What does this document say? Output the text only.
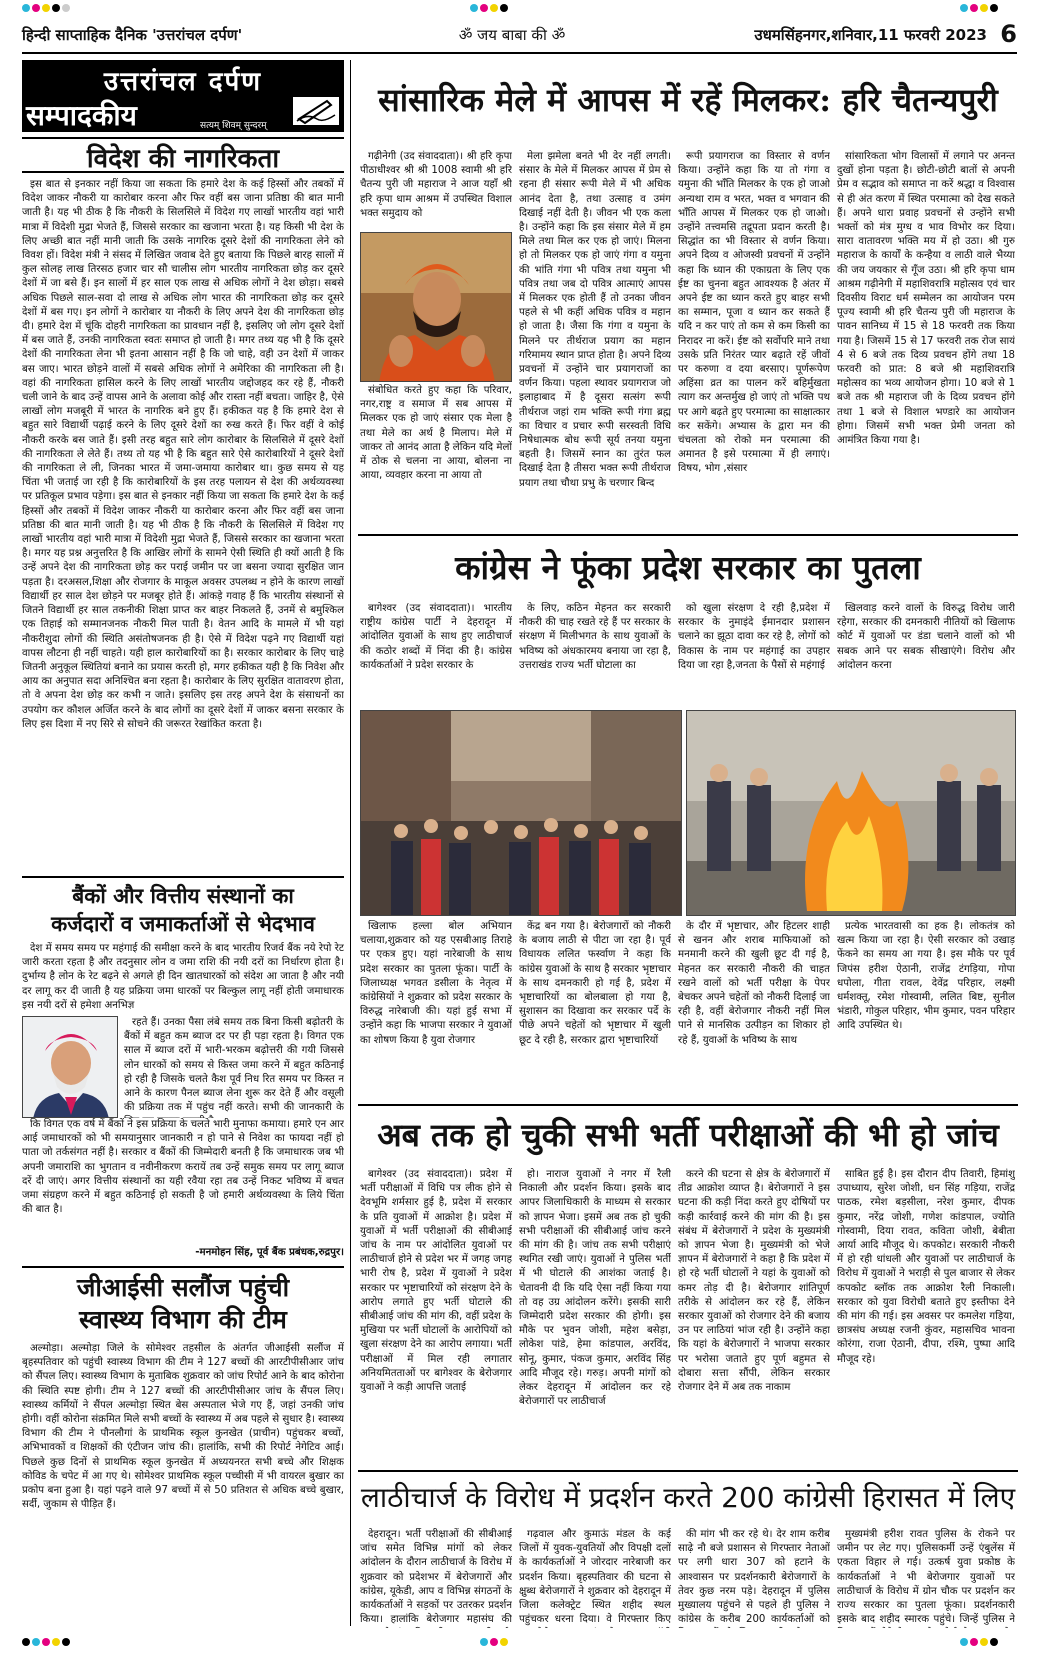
हिन्दी साप्ताहिक दैनिक 'उत्तरांचल दर्पण'	ॐ जय बाबा की ॐ	उधमसिंहनगर,शनिवार,11 फरवरी 2023 6
उत्तरांचल दर्पण
सम्पादकीय	सत्यम् शिवम् सुन्दरम्
विदेश की नागरिकता

इस बात से इनकार नहीं किया जा सकता कि हमारे देश के कई हिस्सों और तबकों में विदेश जाकर नौकरी या कारोबार करना और फिर वहीं बस जाना प्रतिष्ठा की बात मानी जाती है। यह भी ठीक है कि नौकरी के सिलसिले में विदेश गए लाखों भारतीय वहां भारी मात्रा में विदेशी मुद्रा भेजते हैं, जिससे सरकार का खजाना भरता है। यह किसी भी देश के लिए अच्छी बात नहीं मानी जाती कि उसके नागरिक दूसरे देशों की नागरिकता लेने को विवश हों। विदेश मंत्री ने संसद में लिखित जवाब देते हुए बताया कि पिछले बारह सालों में कुल सोलह लाख तिरसठ हजार चार सौ चालीस लोग भारतीय नागरिकता छोड़ कर दूसरे देशों में जा बसे हैं। इन सालों में हर साल एक लाख से अधिक लोगों ने देश छोड़ा। सबसे अधिक पिछले साल-सवा दो लाख से अधिक लोग भारत की नागरिकता छोड़ कर दूसरे देशों में बस गए। इन लोगों ने कारोबार या नौकरी के लिए अपने देश की नागरिकता छोड़ दी। हमारे देश में चूंकि दोहरी नागरिकता का प्रावधान नहीं है, इसलिए जो लोग दूसरे देशों में बस जाते हैं, उनकी नागरिकता स्वतः समाप्त हो जाती है। मगर तथ्य यह भी है कि दूसरे देशों की नागरिकता लेना भी इतना आसान नहीं है कि जो चाहे, वही उन देशों में जाकर बस जाए। भारत छोड़ने वालों में सबसे अधिक लोगों ने अमेरिका की नागरिकता ली है। वहां की नागरिकता हासिल करने के लिए लाखों भारतीय जद्दोजहद कर रहे हैं, नौकरी चली जाने के बाद उन्हें वापस आने के अलावा कोई और रास्ता नहीं बचता। जाहिर है, ऐसे लाखों लोग मजबूरी में भारत के नागरिक बने हुए हैं। हकीकत यह है कि हमारे देश से बहुत सारे विद्यार्थी पढ़ाई करने के लिए दूसरे देशों का रुख करते हैं। फिर वहीं वे कोई नौकरी करके बस जाते हैं। इसी तरह बहुत सारे लोग कारोबार के सिलसिले में दूसरे देशों की नागरिकता ले लेते हैं। तथ्य तो यह भी है कि बहुत सारे ऐसे कारोबारियों ने दूसरे देशों की नागरिकता ले ली, जिनका भारत में जमा-जमाया कारोबार था। कुछ समय से यह चिंता भी जताई जा रही है कि कारोबारियों के इस तरह पलायन से देश की अर्थव्यवस्था पर प्रतिकूल प्रभाव पड़ेगा। इस बात से इनकार नहीं किया जा सकता कि हमारे देश के कई हिस्सों और तबकों में विदेश जाकर नौकरी या कारोबार करना और फिर वहीं बस जाना प्रतिष्ठा की बात मानी जाती है। यह भी ठीक है कि नौकरी के सिलसिले में विदेश गए लाखों भारतीय वहां भारी मात्रा में विदेशी मुद्रा भेजते हैं, जिससे सरकार का खजाना भरता है। मगर यह प्रश्न अनुत्तरित है कि आखिर लोगों के सामने ऐसी स्थिति ही क्यों आती है कि उन्हें अपने देश की नागरिकता छोड़ कर पराई जमीन पर जा बसना ज्यादा सुरक्षित जान पड़ता है। दरअसल,शिक्षा और रोजगार के माकूल अवसर उपलब्ध न होने के कारण लाखों विद्यार्थी हर साल देश छोड़ने पर मजबूर होते हैं। आंकड़े गवाह हैं कि भारतीय संस्थानों से जितने विद्यार्थी हर साल तकनीकी शिक्षा प्राप्त कर बाहर निकलते हैं, उनमें से बमुश्किल एक तिहाई को सम्मानजनक नौकरी मिल पाती है। वेतन आदि के मामले में भी यहां नौकरीशुदा लोगों की स्थिति असंतोषजनक ही है। ऐसे में विदेश पढ़ने गए विद्यार्थी यहां वापस लौटना ही नहीं चाहते। यही हाल कारोबारियों का है। सरकार कारोबार के लिए चाहे जितनी अनुकूल स्थितियां बनाने का प्रयास करती हो, मगर हकीकत यही है कि निवेश और आय का अनुपात सदा अनिश्चित बना रहता है। कारोबार के लिए सुरक्षित वातावरण होता, तो वे अपना देश छोड़ कर कभी न जाते। इसलिए इस तरह अपने देश के संसाधनों का उपयोग कर कौशल अर्जित करने के बाद लोगों का दूसरे देशों में जाकर बसना सरकार के लिए इस दिशा में नए सिरे से सोचने की जरूरत रेखांकित करता है।

बैंकों और वित्तीय संस्थानों का
कर्जदारों व जमाकर्ताओं से भेदभाव

देश में समय समय पर महंगाई की समीक्षा करने के बाद भारतीय रिजर्व बैंक नये रेपो रेट जारी करता रहता है और तदनुसार लोन व जमा राशि की नयी दरों का निर्धारण होता है। दुर्भाग्य है लोन के रेट बढ़ने से अगले ही दिन खातधारकों को संदेश आ जाता है और नयी दर लागू कर दी जाती है यह प्रक्रिया जमा धारकों पर बिल्कुल लागू नहीं होती जमाधारक इस नयी दरों से हमेशा अनभिज्ञ

रहते हैं। उनका पैसा लंबे समय तक बिना किसी बढ़ोतरी के बैंकों में बहुत कम ब्याज दर पर ही पड़ा रहता है। विगत एक साल में ब्याज दरों में भारी-भरकम बढ़ोत्तरी की गयी जिससे लोन धारकों को समय से किस्त जमा करने में बहुत कठिनाई हो रही है जिसके चलते कैश पूर्व निध रित समय पर किस्त न आने के कारण पैनल ब्याज लेना शुरू कर देते हैं और वसूली की प्रक्रिया तक में पहुंच नहीं करते। सभी की जानकारी के

कि विगत एक वर्ष में बैंकों ने इस प्रक्रिया के चलते भारी मुनाफा कमाया। हमारे एन आर आई जमाधारकों को भी समयानुसार जानकारी न हो पाने से निवेश का फायदा नहीं हो पाता जो तर्कसंगत नहीं है। सरकार व बैंकों की जिम्मेदारी बनती है कि जमाधारक जब भी अपनी जमाराशि का भुगतान व नवीनीकरण करायें तब उन्हें समुक समय पर लागू ब्याज दरें दी जाएं। अगर वित्तीय संस्थानों का यही रवैया रहा तब उन्हें निकट भविष्य में बचत जमा संग्रहण करने में बहुत कठिनाई हो सकती है जो हमारी अर्थव्यवस्था के लिये चिंता की बात है।

-मनमोहन सिंह, पूर्व बैंक प्रबंधक,रुद्रपुर।
जीआईसी सलौंज पहुंची
स्वास्थ्य विभाग की टीम

अल्मोड़ा। अल्मोड़ा जिले के सोमेश्वर तहसील के अंतर्गत जीआईसी सलौंज में बृहस्पतिवार को पहुंची स्वास्थ्य विभाग की टीम ने 127 बच्चों की आरटीपीसीआर जांच को सैंपल लिए। स्वास्थ्य विभाग के मुताबिक शुक्रवार को जांच रिपोर्ट आने के बाद कोरोना की स्थिति स्पष्ट होगी। टीम ने 127 बच्चों की आरटीपीसीआर जांच के सैंपल लिए। स्वास्थ्य कर्मियों ने सैंपल अल्मोड़ा स्थित बेस अस्पताल भेजे गए हैं, जहां उनकी जांच होगी। वहीं कोरोना संक्रमित मिले सभी बच्चों के स्वास्थ्य में अब पहले से सुधार है। स्वास्थ्य विभाग की टीम ने पौनलौगां के प्राथमिक स्कूल कुनखेत (प्राचीन) पहुंचकर बच्चों, अभिभावकों व शिक्षकों की एंटीजन जांच की। हालांकि, सभी की रिपोर्ट नेगेटिव आई। पिछले कुछ दिनों से प्राथमिक स्कूल कुनखेत में अध्ययनरत सभी बच्चे और शिक्षक कोविड के चपेट में आ गए थे। सोमेश्वर प्राथमिक स्कूल पच्चीसी में भी वायरल बुखार का प्रकोप बना हुआ है। यहां पढ़ने वाले 97 बच्चों में से 50 प्रतिशत से अधिक बच्चे बुखार, सर्दी, जुकाम से पीड़ित हैं।

सांसारिक मेले में आपस में रहें मिलकर: हरि चैतन्यपुरी

गढ़ीनेगी (उद संवाददाता)। श्री हरि कृपा पीठाधीश्वर श्री श्री 1008 स्वामी श्री हरि चैतन्य पुरी जी महाराज ने आज यहाँ श्री हरि कृपा धाम आश्रम में उपस्थित विशाल भक्त समुदाय को

संबोधित करते हुए कहा कि परिवार, नगर,राष्ट्र व समाज में सब आपस में मिलकर एक हो जाएं संसार एक मेला है तथा मेले का अर्थ है मिलाप। मेले में जाकर तो आनंद आता है लेकिन यदि मेलों में ठोक से चलना ना आया, बोलना ना आया, व्यवहार करना ना आया तो

मेला झमेला बनते भी देर नहीं लगती। संसार के मेले में मिलकर आपस में प्रेम से रहना ही संसार रूपी मेले में भी अधिक आनंद देता है, तथा उत्साह व उमंग दिखाई नहीं देती है। जीवन भी एक कला है। उन्होंने कहा कि इस संसार मेले में हम मिले तथा मिल कर एक हो जाएं। मिलना हो तो मिलकर एक हो जाएं गंगा व यमुना की भांति गंगा भी पवित्र तथा यमुना भी पवित्र तथा जब दो पवित्र आत्माएं आपस में मिलकर एक होती हैं तो उनका जीवन पहले से भी कहीं अधिक पवित्र व महान हो जाता है। जैसा कि गंगा व यमुना के मिलने पर तीर्थराज प्रयाग का महान गरिमामय स्थान प्राप्त होता है। अपने दिव्य प्रवचनों में उन्होंने चार प्रयागराजों का वर्णन किया। पहला स्थावर प्रयागराज जो इलाहाबाद में है दूसरा सत्संग रूपी तीर्थराज जहां राम भक्ति रूपी गंगा ब्रह्म का विचार व प्रचार रूपी सरस्वती विधि निषेधात्मक बोध रूपी सूर्य तनया यमुना बहती है। जिसमें स्नान का तुरंत फल दिखाई देता है तीसरा भक्त रूपी तीर्थराज प्रयाग तथा चौथा प्रभु के चरणार बिन्द

रूपी प्रयागराज का विस्तार से वर्णन किया। उन्होंने कहा कि या तो गंगा व यमुना की भाँति मिलकर के एक हो जाओ अन्यथा राम व भरत, भक्त व भगवान की भाँति आपस में मिलकर एक हो जाओ। उन्होंने तत्त्वमसि तद्रूपता प्रदान करती है। सिद्धांत का भी विस्तार से वर्णन किया। अपने दिव्य व ओजस्वी प्रवचनों में उन्होंने कहा कि ध्यान की एकाग्रता के लिए एक ईष्ट का चुनना बहुत आवश्यक है अंतर में अपने ईष्ट का ध्यान करते हुए बाहर सभी का सम्मान, पूजा व ध्यान कर सकते हैं यदि न कर पाएं तो कम से कम किसी का निरादर ना करें। ईष्ट को सर्वोपरि माने तथा उसके प्रति निरंतर प्यार बढ़ाते रहें जीवों पर करुणा व दया बरसाए। पूर्णरूपेण अहिंसा व्रत का पालन करें बहिर्मुखता त्याग कर अन्तर्मुख हो जाएं तो भक्ति पथ पर आगे बढ़ते हुए परमात्मा का साक्षात्कार कर सकेंगे। अभ्यास के द्वारा मन की चंचलता को रोको मन परमात्मा की अमानत है इसे परमात्मा में ही लगाएं। विषय, भोग ,संसार

सांसारिकता भोग विलासों में लगाने पर अनन्त दुखों होना पड़ता है। छोटी-छोटी बातों से अपनी प्रेम व सद्भाव को समाप्त ना करें श्रद्धा व विश्वास से ही अंत करण में स्थित परमात्मा को देख सकते हैं। अपने धारा प्रवाह प्रवचनों से उन्होंने सभी भक्तों को मंत्र मुग्ध व भाव विभोर कर दिया। सारा वातावरण भक्ति मय में हो उठा। श्री गुरु महाराज के कार्यों के कन्हैया व लाठी वाले भैय्या की जय जयकार से गूँज उठा। श्री हरि कृपा धाम आश्रम गढ़ीनेगी में महाशिवरात्रि महोत्सव एवं चार दिवसीय विराट धर्म सम्मेलन का आयोजन परम पूज्य स्वामी श्री हरि चैतन्य पुरी जी महाराज के पावन सानिध्य में 15 से 18 फरवरी तक किया गया है। जिसमें 15 से 17 फरवरी तक रोज सायं 4 से 6 बजे तक दिव्य प्रवचन होंगे तथा 18 फरवरी को प्रात: 8 बजे श्री महाशिवरात्रि महोत्सव का भव्य आयोजन होगा। 10 बजे से 1 बजे तक श्री महाराज जी के दिव्य प्रवचन होंगे तथा 1 बजे से विशाल भण्डारे का आयोजन होगा। जिसमें सभी भक्त प्रेमी जनता को आमंत्रित किया गया है।

कांग्रेस ने फूंका प्रदेश सरकार का पुतला

बागेश्वर (उद संवाददाता)। भारतीय राष्ट्रीय कांग्रेस पार्टी ने देहरादून में आंदोलित युवाओं के साथ हुए लाठीचार्ज की कठोर शब्दों में निंदा की है। कांग्रेस कार्यकर्ताओं ने प्रदेश सरकार के

के लिए, कठिन मेहनत कर सरकारी नौकरी की चाह रखते रहे हैं पर सरकार के संरक्षण में मिलीभगत के साथ युवाओं के भविष्य को अंधकारमय बनाया जा रहा है, उत्तराखंड राज्य भर्ती घोटाला का

को खुला संरक्षण दे रही है,प्रदेश में सरकार के नुमाइंदे ईमानदार प्रशासन चलाने का झूठा दावा कर रहे है, लोगों को विकास के नाम पर महंगाई का उपहार दिया जा रहा है,जनता के पैसों से महंगाई

खिलवाड़ करने वालों के विरुद्ध विरोध जारी रहेगा, सरकार की दमनकारी नीतियों को खिलाफ कोर्ट में युवाओं पर डंडा चलाने वालों को भी सबक आने पर सबक सीखाएंगे। विरोध और आंदोलन करना

खिलाफ हल्ला बोल अभियान चलाया,शुक्रवार को यह एसबीआइ तिराहे पर एकत्र हुए। यहां नारेबाजी के साथ प्रदेश सरकार का पुतला फूंका। पार्टी के जिलाध्यक्ष भगवत डसीला के नेतृत्व में कांग्रेसियों ने शुक्रवार को प्रदेश सरकार के विरुद्ध नारेबाजी की। यहां हुई सभा में उन्होंने कहा कि भाजपा सरकार ने युवाओं का शोषण किया है युवा रोजगार

केंद्र बन गया है। बेरोजगारों को नौकरी के बजाय लाठी से पीटा जा रहा है। पूर्व विधायक ललित फर्स्वाण ने कहा कि कांग्रेस युवाओं के साथ है सरकार भृष्टाचार के साथ दमनकारी हो गई है, प्रदेश में भृष्टाचारियों का बोलबाला हो गया है, सुशासन का दिखावा कर सरकार पर्दे के पीछे अपने चहेतों को भृष्टाचार में खुली छूट दे रही है, सरकार द्वारा भृष्टाचारियों

के दौर में भृष्टाचार, और हिटलर शाही से खनन और शराब माफियाओं को मनमानी करने की खुली छूट दी गई है, मेहनत कर सरकारी नौकरी की चाहत रखने वालों को भर्ती परीक्षा के पेपर बेचकर अपने चहेतों को नौकरी दिलाई जा रही है, वहीं बेरोजगार नौकरी नहीं मिल पाने से मानसिक उत्पीड़न का शिकार हो रहे हैं, युवाओं के भविष्य के साथ

प्रत्येक भारतवासी का हक है। लोकतंत्र को खत्म किया जा रहा है। ऐसी सरकार को उखाड़ फेंकने का समय आ गया है। इस मौके पर पूर्व जिपंस हरीश ऐठानी, राजेंद्र टंगड़िया, गोपा धपोला, गीता रावल, देवेंद्र परिहार, लक्ष्मी धर्मशक्तू, रमेश गोस्वामी, ललित बिष्ट, सुनील भंडारी, गोकुल परिहार, भीम कुमार, पवन परिहार आदि उपस्थित थे।

अब तक हो चुकी सभी भर्ती परीक्षाओं की भी हो जांच

बागेश्वर (उद संवाददाता)। प्रदेश में भर्ती परीक्षाओं में विधि पत्र लीक होने से देवभूमि शर्मसार हुई है, प्रदेश में सरकार के प्रति युवाओं में आक्रोश है। प्रदेश में युवाओं में भर्ती परीक्षाओं की सीबीआई जांच के नाम पर आंदोलित युवाओं पर लाठीचार्ज होने से प्रदेश भर में जगह जगह भारी रोष है, प्रदेश में युवाओं ने प्रदेश सरकार पर भृष्टाचारियों को संरक्षण देने के आरोप लगाते हुए भर्ती घोटाले की सीबीआई जांच की मांग की, वहीं प्रदेश के मुखिया पर भर्ती घोटालों के आरोपियों को खुला संरक्षण देने का आरोप लगाया। भर्ती परीक्षाओं में मिल रही लगातार अनियमितताओं पर बागेश्वर के बेरोजगार युवाओं ने कड़ी आपत्ति जताई

हो। नाराज युवाओं ने नगर में रैली निकाली और प्रदर्शन किया। इसके बाद आपर जिलाधिकारी के माध्यम से सरकार को ज्ञापन भेजा। इसमें अब तक हो चुकी सभी परीक्षाओं की सीबीआई जांच करने की मांग की है। जांच तक सभी परीक्षाएं स्थगित रखी जाएं। युवाओं ने पुलिस भर्ती में भी घोटाले की आशंका जताई है। चेतावनी दी कि यदि ऐसा नहीं किया गया तो वह उग्र आंदोलन करेंगे। इसकी सारी जिम्मेदारी प्रदेश सरकार की होगी। इस मौके पर भुवन जोशी, महेश बसेड़ा, लोकेश पांडे, हेमा कांडपाल, अरविंद, सोनू, कुमार, पंकज कुमार, अरविंद सिंह आदि मौजूद रहे। गरुड़। अपनी मांगों को लेकर देहरादून में आंदोलन कर रहे बेरोजगारों पर लाठीचार्ज

करने की घटना से क्षेत्र के बेरोजगारों में तीव्र आक्रोश व्याप्त है। बेरोजगारों ने इस घटना की कड़ी निंदा करते हुए दोषियों पर कड़ी कार्रवाई करने की मांग की है। इस संबंध में बेरोजगारों ने प्रदेश के मुख्यमंत्री को ज्ञापन भेजा है। मुख्यमंत्री को भेजे ज्ञापन में बेरोजगारों ने कहा है कि प्रदेश में हो रहे भर्ती घोटालों ने यहां के युवाओं को कमर तोड़ दी है। बेरोजगार शांतिपूर्ण तरीके से आंदोलन कर रहे हैं, लेकिन सरकार युवाओं को रोजगार देने की बजाय उन पर लाठियां भांज रही है। उन्होंने कहा कि यहां के बेरोजगारों ने भाजपा सरकार पर भरोसा जताते हुए पूर्ण बहुमत से दोबारा सत्ता सौंपी, लेकिन सरकार रोजगार देने में अब तक नाकाम

साबित हुई है। इस दौरान दीप तिवारी, हिमांशु उपाध्याय, सुरेश जोशी, धन सिंह गड़िया, राजेंद्र पाठक, रमेश बड़सीला, नरेश कुमार, दीपक कुमार, नरेंद्र जोशी, गणेश कांडपाल, ज्योति गोस्वामी, दिया रावत, कविता जोशी, बेबीता आर्या आदि मौजूद थे। कपकोट। सरकारी नौकरी में हो रही धांधली और युवाओं पर लाठीचार्ज के विरोध में युवाओं ने भराड़ी से पुल बाजार से लेकर कपकोट ब्लॉक तक आक्रोश रैली निकाली। सरकार को युवा विरोधी बताते हुए इस्तीफा देने की मांग की गई। इस अवसर पर कमलेश गड़िया, छात्रसंघ अध्यक्ष रजनी कुंवर, महासचिव भावना कोरंगा, राजा ऐठानी, दीपा, रश्मि, पुष्पा आदि मौजूद रहे।

लाठीचार्ज के विरोध में प्रदर्शन करते 200 कांग्रेसी हिरासत में लिए

देहरादून। भर्ती परीक्षाओं की सीबीआई जांच समेत विभिन्न मांगों को लेकर आंदोलन के दौरान लाठीचार्ज के विरोध में शुक्रवार को प्रदेशभर में बेरोजगारों और कांग्रेस, यूकेडी, आप व विभिन्न संगठनों के कार्यकर्ताओं ने सड़कों पर उतरकर प्रदर्शन किया। हालांकि बेरोजगार महासंघ की

गढ़वाल और कुमाऊं मंडल के कई जिलों में युवक-युवतियों और विपक्षी दलों के कार्यकर्ताओं ने जोरदार नारेबाजी कर प्रदर्शन किया। बृहस्पतिवार की घटना से क्षुब्ध बेरोजगारों ने शुक्रवार को देहरादून में जिला कलेक्ट्रेट स्थित शहीद स्थल पहुंचकर धरना दिया। वे गिरफ्तार किए

की मांग भी कर रहे थे। देर शाम करीब साढ़े नौ बजे प्रशासन से गिरफ्तार नेताओं पर लगी धारा 307 को हटाने के आश्वासन पर प्रदर्शनकारी बेरोजगारों के तेवर कुछ नरम पड़े। देहरादून में पुलिस मुख्यालय पहुंचने से पहले ही पुलिस ने कांग्रेस के करीब 200 कार्यकर्ताओं को

मुख्यमंत्री हरीश रावत पुलिस के रोकने पर जमीन पर लेट गए। पुलिसकर्मी उन्हें एंबुलेंस में एकता विहार ले गई। उत्कर्ष युवा प्रकोष्ठ के कार्यकर्ताओं ने भी बेरोजगार युवाओं पर लाठीचार्ज के विरोध में ग्रोन चौक पर प्रदर्शन कर राज्य सरकार का पुतला फूंका। प्रदर्शनकारी इसके बाद शहीद स्मारक पहुंचे। जिन्हें पुलिस ने
